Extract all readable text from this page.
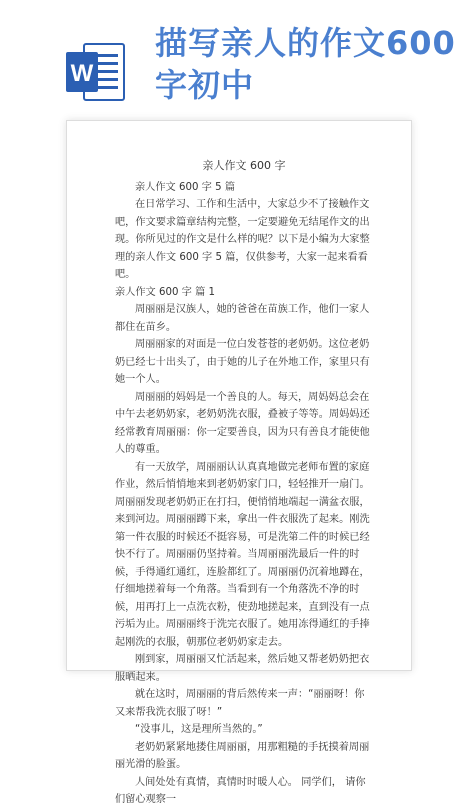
W
描写亲人的作文600字初中
亲人作文 600 字

亲人作文 600 字 5 篇

在日常学习、工作和生活中，大家总少不了接触作文吧，作文要求篇章结构完整，一定要避免无结尾作文的出现。你所见过的作文是什么样的呢？以下是小编为大家整理的亲人作文 600 字 5 篇，仅供参考，大家一起来看看吧。

亲人作文 600 字 篇 1

周丽丽是汉族人，她的爸爸在苗族工作，他们一家人都住在苗乡。

周丽丽家的对面是一位白发苍苍的老奶奶。这位老奶奶已经七十出头了，由于她的儿子在外地工作，家里只有她一个人。

周丽丽的妈妈是一个善良的人。每天，周妈妈总会在中午去老奶奶家，老奶奶洗衣服，叠被子等等。周妈妈还经常教育周丽丽：你一定要善良，因为只有善良才能使他人的尊重。

有一天放学，周丽丽认认真真地做完老师布置的家庭作业，然后悄悄地来到老奶奶家门口，轻轻推开一扇门。周丽丽发现老奶奶正在打扫，便悄悄地端起一满盆衣服，来到河边。周丽丽蹲下来，拿出一件衣服洗了起来。刚洗第一件衣服的时候还不挺容易，可是洗第二件的时候已经快不行了。周丽丽仍坚持着。当周丽丽洗最后一件的时候，手得通红通红，连脸都红了。周丽丽仍沉着地蹲在，仔细地搓着每一个角落。当看到有一个角落洗不净的时候，用再打上一点洗衣粉，使劲地搓起来，直到没有一点污垢为止。周丽丽终于洗完衣服了。她用冻得通红的手捧起刚洗的衣服，朝那位老奶奶家走去。

刚到家，周丽丽又忙活起来，然后她又帮老奶奶把衣服晒起来。

就在这时，周丽丽的背后然传来一声：“丽丽呀！你又来帮我洗衣服了呀！”

“没事儿，这是理所当然的。”

老奶奶紧紧地搂住周丽丽，用那粗糙的手抚摸着周丽丽光滑的脸蛋。

人间处处有真情，真情时时暖人心。 同学们， 请你们留心观察一
